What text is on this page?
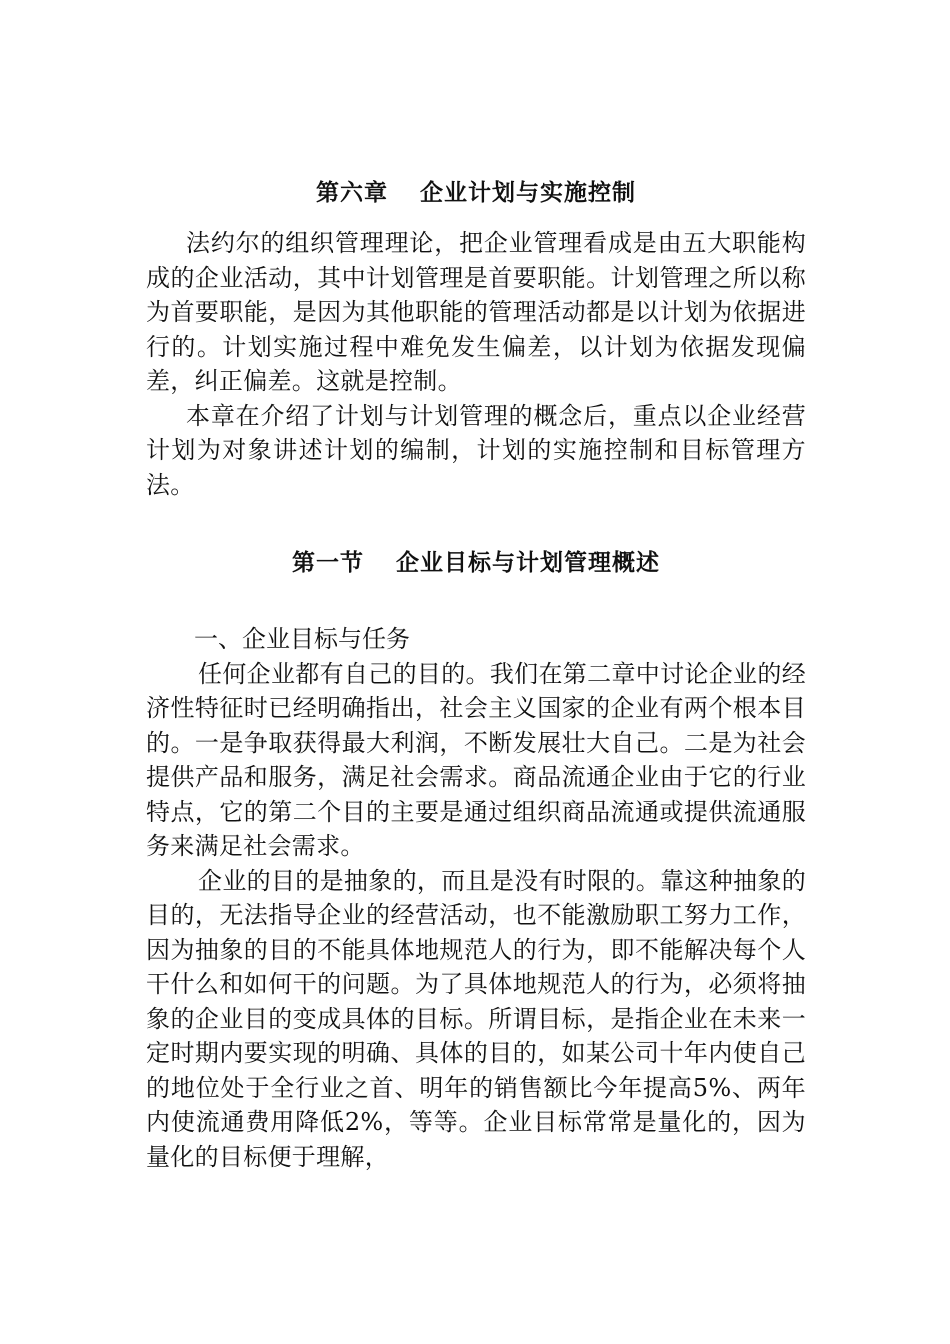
第六章 企业计划与实施控制

法约尔的组织管理理论，把企业管理看成是由五大职能构成的企业活动，其中计划管理是首要职能。计划管理之所以称为首要职能，是因为其他职能的管理活动都是以计划为依据进行的。计划实施过程中难免发生偏差，以计划为依据发现偏差，纠正偏差。这就是控制。

本章在介绍了计划与计划管理的概念后，重点以企业经营计划为对象讲述计划的编制，计划的实施控制和目标管理方法。

第一节 企业目标与计划管理概述
一、企业目标与任务

任何企业都有自己的目的。我们在第二章中讨论企业的经济性特征时已经明确指出，社会主义国家的企业有两个根本目的。一是争取获得最大利润，不断发展壮大自己。二是为社会提供产品和服务，满足社会需求。商品流通企业由于它的行业特点，它的第二个目的主要是通过组织商品流通或提供流通服务来满足社会需求。

企业的目的是抽象的，而且是没有时限的。靠这种抽象的目的，无法指导企业的经营活动，也不能激励职工努力工作，因为抽象的目的不能具体地规范人的行为，即不能解决每个人干什么和如何干的问题。为了具体地规范人的行为，必须将抽象的企业目的变成具体的目标。所谓目标，是指企业在未来一定时期内要实现的明确、具体的目的，如某公司十年内使自己的地位处于全行业之首、明年的销售额比今年提高5%、两年内使流通费用降低2%，等等。企业目标常常是量化的，因为量化的目标便于理解，
